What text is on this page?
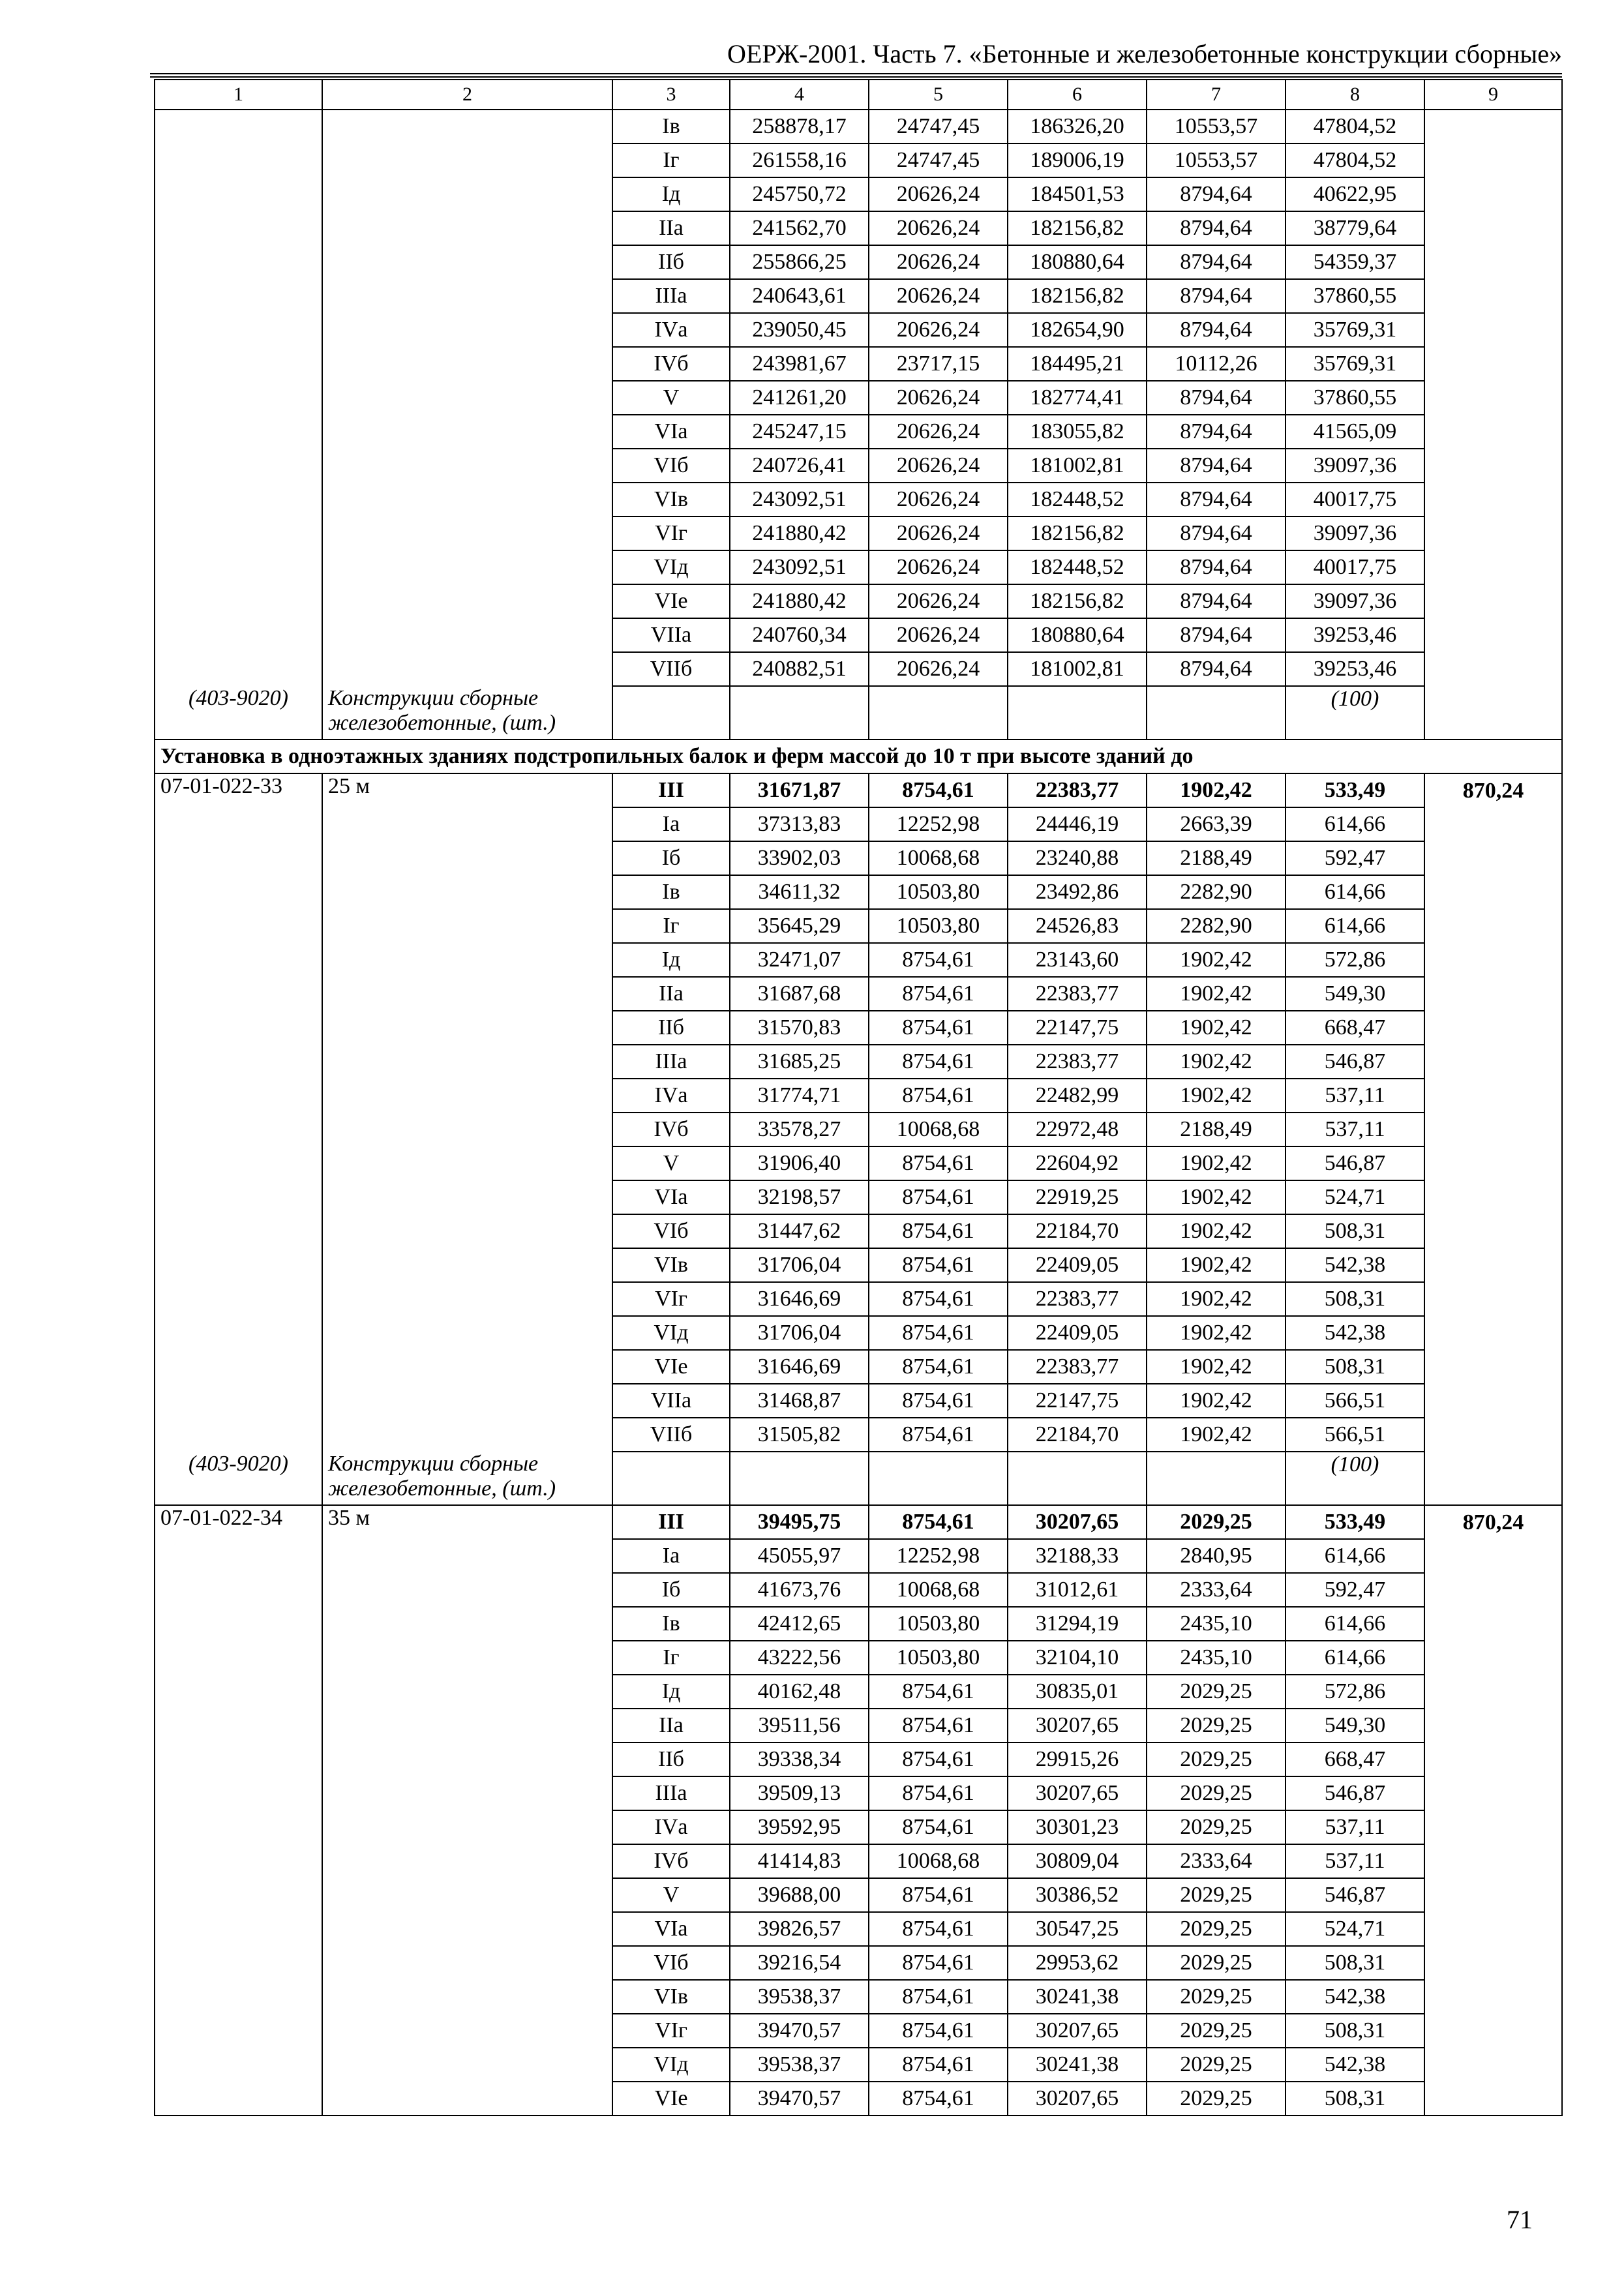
ОЕРЖ-2001. Часть 7. «Бетонные и железобетонные конструкции сборные»
1	2	3	4	5	6	7	8	9
		Iв	258878,17	24747,45	186326,20	10553,57	47804,52	
		Iг	261558,16	24747,45	189006,19	10553,57	47804,52	
		Iд	245750,72	20626,24	184501,53	8794,64	40622,95	
		IIа	241562,70	20626,24	182156,82	8794,64	38779,64	
		IIб	255866,25	20626,24	180880,64	8794,64	54359,37	
		IIIа	240643,61	20626,24	182156,82	8794,64	37860,55	
		IVа	239050,45	20626,24	182654,90	8794,64	35769,31	
		IVб	243981,67	23717,15	184495,21	10112,26	35769,31	
		V	241261,20	20626,24	182774,41	8794,64	37860,55	
		VIа	245247,15	20626,24	183055,82	8794,64	41565,09	
		VIб	240726,41	20626,24	181002,81	8794,64	39097,36	
		VIв	243092,51	20626,24	182448,52	8794,64	40017,75	
		VIг	241880,42	20626,24	182156,82	8794,64	39097,36	
		VIд	243092,51	20626,24	182448,52	8794,64	40017,75	
		VIе	241880,42	20626,24	182156,82	8794,64	39097,36	
		VIIа	240760,34	20626,24	180880,64	8794,64	39253,46	
		VIIб	240882,51	20626,24	181002,81	8794,64	39253,46	
(403-9020)	Конструкции сборные железобетонные, (шт.)						(100)	
Установка в одноэтажных зданиях подстропильных балок и ферм массой до 10 т при высоте зданий до								
07-01-022-33	25 м	III	31671,87	8754,61	22383,77	1902,42	533,49	870,24
		Iа	37313,83	12252,98	24446,19	2663,39	614,66	
		Iб	33902,03	10068,68	23240,88	2188,49	592,47	
		Iв	34611,32	10503,80	23492,86	2282,90	614,66	
		Iг	35645,29	10503,80	24526,83	2282,90	614,66	
		Iд	32471,07	8754,61	23143,60	1902,42	572,86	
		IIа	31687,68	8754,61	22383,77	1902,42	549,30	
		IIб	31570,83	8754,61	22147,75	1902,42	668,47	
		IIIа	31685,25	8754,61	22383,77	1902,42	546,87	
		IVа	31774,71	8754,61	22482,99	1902,42	537,11	
		IVб	33578,27	10068,68	22972,48	2188,49	537,11	
		V	31906,40	8754,61	22604,92	1902,42	546,87	
		VIа	32198,57	8754,61	22919,25	1902,42	524,71	
		VIб	31447,62	8754,61	22184,70	1902,42	508,31	
		VIв	31706,04	8754,61	22409,05	1902,42	542,38	
		VIг	31646,69	8754,61	22383,77	1902,42	508,31	
		VIд	31706,04	8754,61	22409,05	1902,42	542,38	
		VIе	31646,69	8754,61	22383,77	1902,42	508,31	
		VIIа	31468,87	8754,61	22147,75	1902,42	566,51	
		VIIб	31505,82	8754,61	22184,70	1902,42	566,51	
(403-9020)	Конструкции сборные железобетонные, (шт.)						(100)	
07-01-022-34	35 м	III	39495,75	8754,61	30207,65	2029,25	533,49	870,24
		Iа	45055,97	12252,98	32188,33	2840,95	614,66	
		Iб	41673,76	10068,68	31012,61	2333,64	592,47	
		Iв	42412,65	10503,80	31294,19	2435,10	614,66	
		Iг	43222,56	10503,80	32104,10	2435,10	614,66	
		Iд	40162,48	8754,61	30835,01	2029,25	572,86	
		IIа	39511,56	8754,61	30207,65	2029,25	549,30	
		IIб	39338,34	8754,61	29915,26	2029,25	668,47	
		IIIа	39509,13	8754,61	30207,65	2029,25	546,87	
		IVа	39592,95	8754,61	30301,23	2029,25	537,11	
		IVб	41414,83	10068,68	30809,04	2333,64	537,11	
		V	39688,00	8754,61	30386,52	2029,25	546,87	
		VIа	39826,57	8754,61	30547,25	2029,25	524,71	
		VIб	39216,54	8754,61	29953,62	2029,25	508,31	
		VIв	39538,37	8754,61	30241,38	2029,25	542,38	
		VIг	39470,57	8754,61	30207,65	2029,25	508,31	
		VIд	39538,37	8754,61	30241,38	2029,25	542,38	
		VIе	39470,57	8754,61	30207,65	2029,25	508,31	
71
